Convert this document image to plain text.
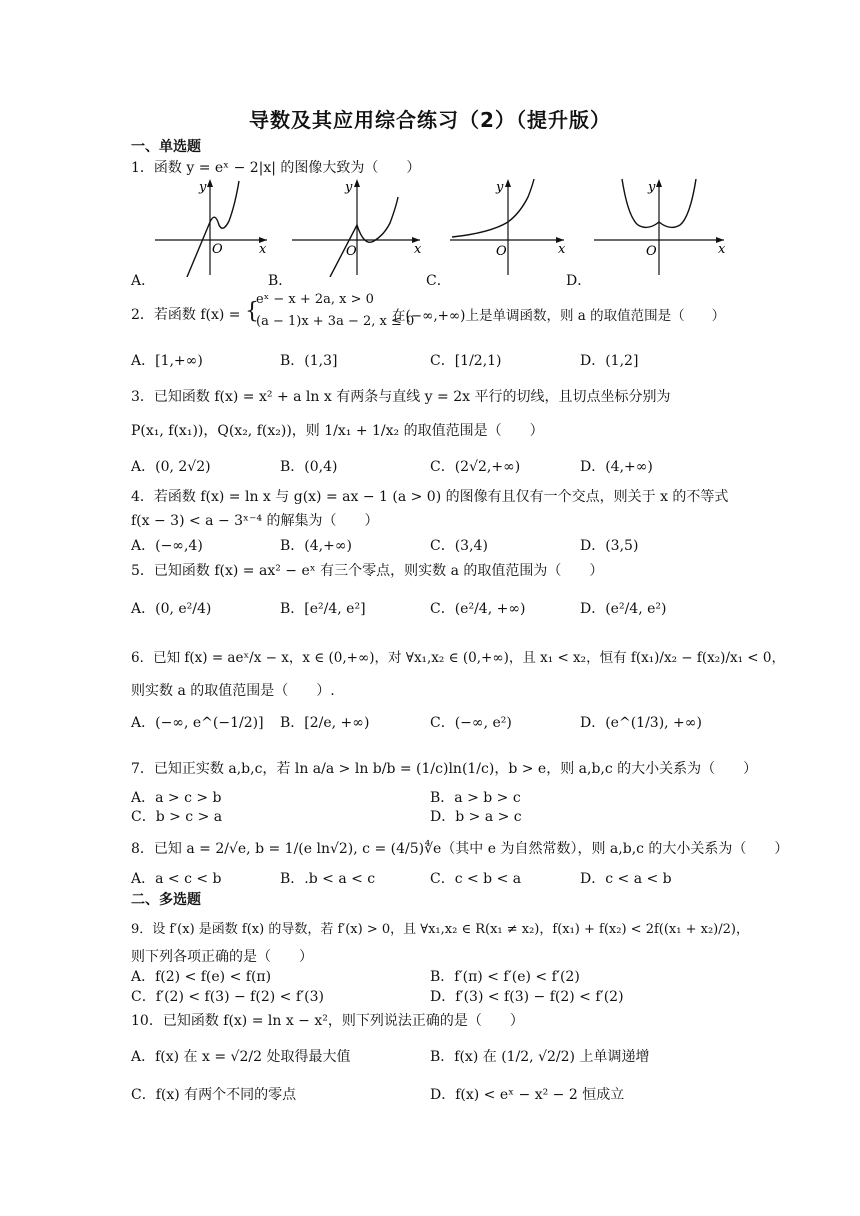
导数及其应用综合练习（2）（提升版）
一、单选题
1．函数 y = eˣ − 2|x| 的图像大致为（　　）
y
x
O
A．
y
x
O
B．
y
x
O
C．
y
x
O
D．
2．若函数 f(x) = {
eˣ − x + 2a, x > 0
(a − 1)x + 3a − 2, x ≤ 0
在(−∞,+∞)上是单调函数，则 a 的取值范围是（　　）
A．[1,+∞)	B．(1,3]	C．[1/2,1)	D．(1,2]
3．已知函数 f(x) = x² + a ln x 有两条与直线 y = 2x 平行的切线，且切点坐标分别为
P(x₁, f(x₁))，Q(x₂, f(x₂))，则 1/x₁ + 1/x₂ 的取值范围是（　　）
A．(0, 2√2)	B．(0,4)	C．(2√2,+∞)	D．(4,+∞)
4．若函数 f(x) = ln x 与 g(x) = ax − 1 (a > 0) 的图像有且仅有一个交点，则关于 x 的不等式
f(x − 3) < a − 3ˣ⁻⁴ 的解集为（　　）
A．(−∞,4)	B．(4,+∞)	C．(3,4)	D．(3,5)
5．已知函数 f(x) = ax² − eˣ 有三个零点，则实数 a 的取值范围为（　　）
A．(0, e²/4)	B．[e²/4, e²]	C．(e²/4, +∞)	D．(e²/4, e²)
6．已知 f(x) = aeˣ/x − x，x ∈ (0,+∞)，对 ∀x₁,x₂ ∈ (0,+∞)，且 x₁ < x₂，恒有 f(x₁)/x₂ − f(x₂)/x₁ < 0，
则实数 a 的取值范围是（　　）.
A．(−∞, e^(−1/2)] B．[2/e, +∞)	C．(−∞, e²)	D．(e^(1/3), +∞)
7．已知正实数 a,b,c，若 ln a/a > ln b/b = (1/c)ln(1/c)，b > e，则 a,b,c 的大小关系为（　　）
A．a > c > b	B．a > b > c
C．b > c > a	D．b > a > c
8．已知 a = 2/√e, b = 1/(e ln√2), c = (4/5)∜e（其中 e 为自然常数），则 a,b,c 的大小关系为（　　）
A．a < c < b	B．.b < a < c	C．c < b < a	D．c < a < b
二、多选题
9．设 f′(x) 是函数 f(x) 的导数，若 f′(x) > 0，且 ∀x₁,x₂ ∈ R(x₁ ≠ x₂)，f(x₁) + f(x₂) < 2f((x₁ + x₂)/2)，
则下列各项正确的是（　　）
A．f(2) < f(e) < f(π)	B．f′(π) < f′(e) < f′(2)
C．f′(2) < f(3) − f(2) < f′(3)	D．f′(3) < f(3) − f(2) < f′(2)
10．已知函数 f(x) = ln x − x²，则下列说法正确的是（　　）
A．f(x) 在 x = √2/2 处取得最大值	B．f(x) 在 (1/2, √2/2) 上单调递增
C．f(x) 有两个不同的零点	D．f(x) < eˣ − x² − 2 恒成立
